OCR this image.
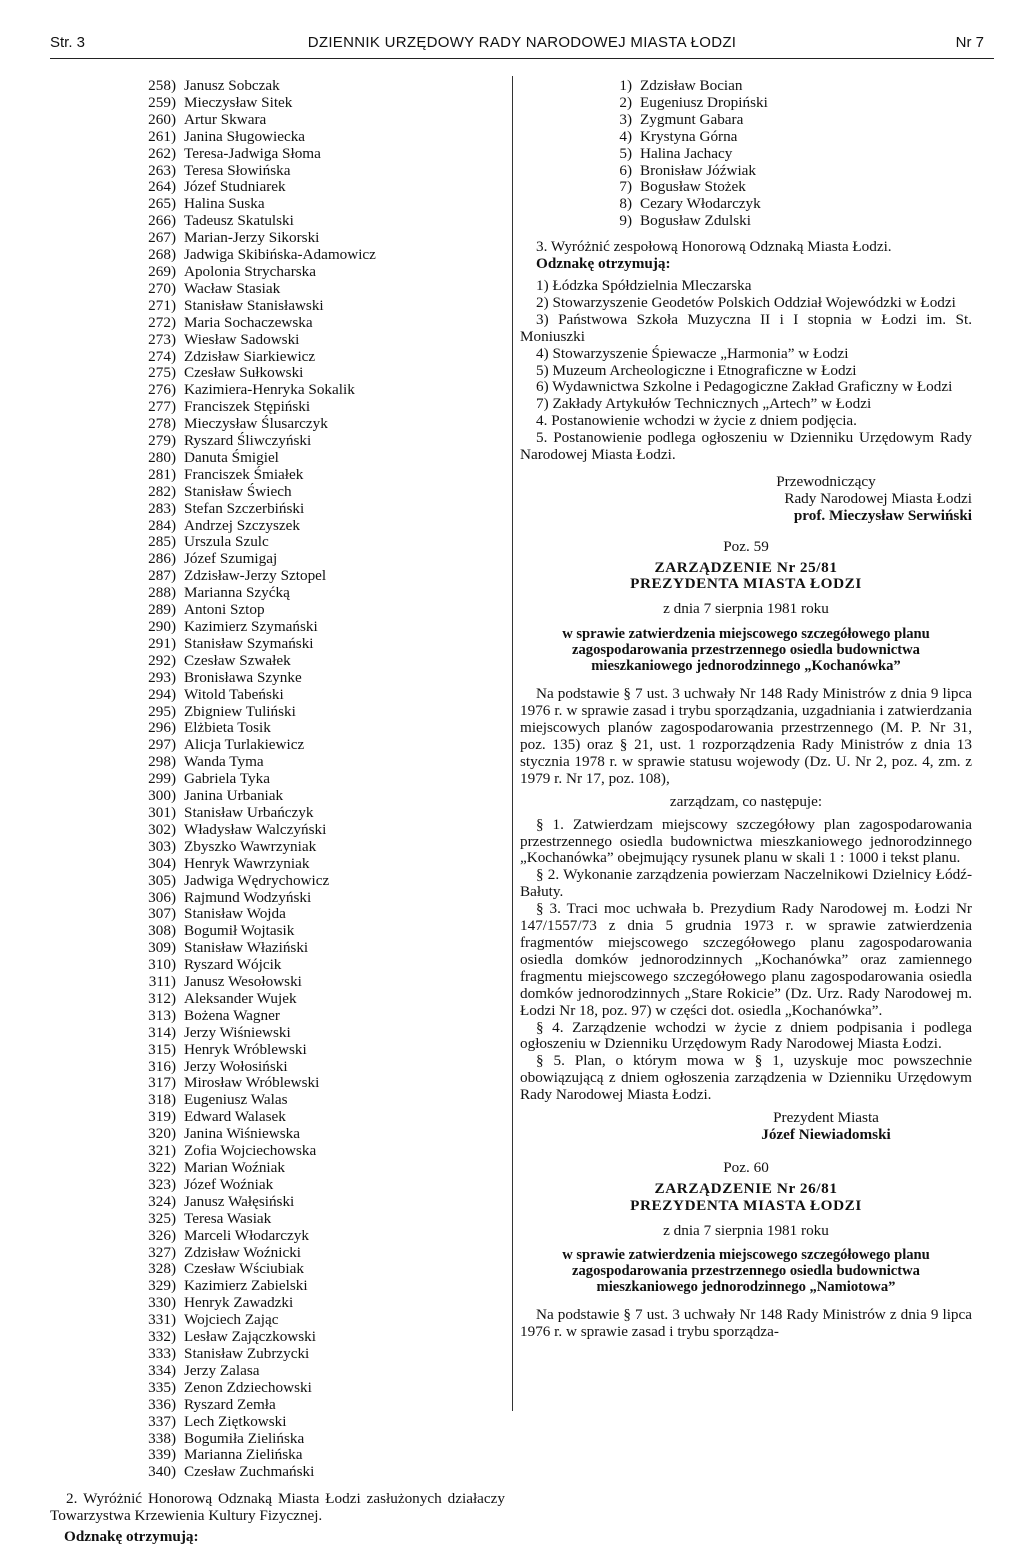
Str. 3	DZIENNIK URZĘDOWY RADY NARODOWEJ MIASTA ŁODZI	Nr 7
258) Janusz Sobczak
259) Mieczysław Sitek
260) Artur Skwara
261) Janina Sługowiecka
262) Teresa-Jadwiga Słoma
263) Teresa Słowińska
264) Józef Studniarek
265) Halina Suska
266) Tadeusz Skatulski
267) Marian-Jerzy Sikorski
268) Jadwiga Skibińska-Adamowicz
269) Apolonia Strycharska
270) Wacław Stasiak
271) Stanisław Stanisławski
272) Maria Sochaczewska
273) Wiesław Sadowski
274) Zdzisław Siarkiewicz
275) Czesław Sułkowski
276) Kazimiera-Henryka Sokalik
277) Franciszek Stępiński
278) Mieczysław Ślusarczyk
279) Ryszard Śliwczyński
280) Danuta Śmigiel
281) Franciszek Śmiałek
282) Stanisław Świech
283) Stefan Szczerbiński
284) Andrzej Szczyszek
285) Urszula Szulc
286) Józef Szumigaj
287) Zdzisław-Jerzy Sztopel
288) Marianna Szyćką
289) Antoni Sztop
290) Kazimierz Szymański
291) Stanisław Szymański
292) Czesław Szwałek
293) Bronisława Szynke
294) Witold Tabeński
295) Zbigniew Tuliński
296) Elżbieta Tosik
297) Alicja Turlakiewicz
298) Wanda Tyma
299) Gabriela Tyka
300) Janina Urbaniak
301) Stanisław Urbańczyk
302) Władysław Walczyński
303) Zbyszko Wawrzyniak
304) Henryk Wawrzyniak
305) Jadwiga Wędrychowicz
306) Rajmund Wodzyński
307) Stanisław Wojda
308) Bogumił Wojtasik
309) Stanisław Właziński
310) Ryszard Wójcik
311) Janusz Wesołowski
312) Aleksander Wujek
313) Bożena Wagner
314) Jerzy Wiśniewski
315) Henryk Wróblewski
316) Jerzy Wołosiński
317) Mirosław Wróblewski
318) Eugeniusz Walas
319) Edward Walasek
320) Janina Wiśniewska
321) Zofia Wojciechowska
322) Marian Woźniak
323) Józef Woźniak
324) Janusz Wałęsiński
325) Teresa Wasiak
326) Marceli Włodarczyk
327) Zdzisław Woźnicki
328) Czesław Wściubiak
329) Kazimierz Zabielski
330) Henryk Zawadzki
331) Wojciech Zając
332) Lesław Zajączkowski
333) Stanisław Zubrzycki
334) Jerzy Zalasa
335) Zenon Zdziechowski
336) Ryszard Zemła
337) Lech Ziętkowski
338) Bogumiła Zielińska
339) Marianna Zielińska
340) Czesław Zuchmański

2. Wyróżnić Honorową Odznaką Miasta Łodzi zasłużonych działaczy Towarzystwa Krzewienia Kultury Fizycznej.

Odznakę otrzymują:

1) Zdzisław Bocian
2) Eugeniusz Dropiński
3) Zygmunt Gabara
4) Krystyna Górna
5) Halina Jachacy
6) Bronisław Jóźwiak
7) Bogusław Stożek
8) Cezary Włodarczyk
9) Bogusław Zdulski

3. Wyróżnić zespołową Honorową Odznaką Miasta Łodzi.

Odznakę otrzymują:

1) Łódzka Spółdzielnia Mleczarska

2) Stowarzyszenie Geodetów Polskich Oddział Wojewódzki w Łodzi

3) Państwowa Szkoła Muzyczna II i I stopnia w Łodzi im. St. Moniuszki

4) Stowarzyszenie Śpiewacze „Harmonia” w Łodzi

5) Muzeum Archeologiczne i Etnograficzne w Łodzi

6) Wydawnictwa Szkolne i Pedagogiczne Zakład Graficzny w Łodzi

7) Zakłady Artykułów Technicznych „Artech” w Łodzi

4. Postanowienie wchodzi w życie z dniem podjęcia.

5. Postanowienie podlega ogłoszeniu w Dzienniku Urzędowym Rady Narodowej Miasta Łodzi.

Przewodniczący

Rady Narodowej Miasta Łodzi

prof. Mieczysław Serwiński

Poz. 59

ZARZĄDZENIE Nr 25/81

PREZYDENTA MIASTA ŁODZI

z dnia 7 sierpnia 1981 roku

w sprawie zatwierdzenia miejscowego szczegółowego planu zagospodarowania przestrzennego osiedla budownictwa mieszkaniowego jednorodzinnego „Kochanówka”

Na podstawie § 7 ust. 3 uchwały Nr 148 Rady Ministrów z dnia 9 lipca 1976 r. w sprawie zasad i trybu sporządzania, uzgadniania i zatwierdzania miejscowych planów zagospodarowania przestrzennego (M. P. Nr 31, poz. 135) oraz § 21, ust. 1 rozporządzenia Rady Ministrów z dnia 13 stycznia 1978 r. w sprawie statusu wojewody (Dz. U. Nr 2, poz. 4, zm. z 1979 r. Nr 17, poz. 108),

zarządzam, co następuje:

§ 1. Zatwierdzam miejscowy szczegółowy plan zagospodarowania przestrzennego osiedla budownictwa mieszkaniowego jednorodzinnego „Kochanówka” obejmujący rysunek planu w skali 1 : 1000 i tekst planu.

§ 2. Wykonanie zarządzenia powierzam Naczelnikowi Dzielnicy Łódź-Bałuty.

§ 3. Traci moc uchwała b. Prezydium Rady Narodowej m. Łodzi Nr 147/1557/73 z dnia 5 grudnia 1973 r. w sprawie zatwierdzenia fragmentów miejscowego szczegółowego planu zagospodarowania osiedla domków jednorodzinnych „Kochanówka” oraz zamiennego fragmentu miejscowego szczegółowego planu zagospodarowania osiedla domków jednorodzinnych „Stare Rokicie” (Dz. Urz. Rady Narodowej m. Łodzi Nr 18, poz. 97) w części dot. osiedla „Kochanówka”.

§ 4. Zarządzenie wchodzi w życie z dniem podpisania i podlega ogłoszeniu w Dzienniku Urzędowym Rady Narodowej Miasta Łodzi.

§ 5. Plan, o którym mowa w § 1, uzyskuje moc powszechnie obowiązującą z dniem ogłoszenia zarządzenia w Dzienniku Urzędowym Rady Narodowej Miasta Łodzi.

Prezydent Miasta

Józef Niewiadomski

Poz. 60

ZARZĄDZENIE Nr 26/81

PREZYDENTA MIASTA ŁODZI

z dnia 7 sierpnia 1981 roku

w sprawie zatwierdzenia miejscowego szczegółowego planu zagospodarowania przestrzennego osiedla budownictwa mieszkaniowego jednorodzinnego „Namiotowa”

Na podstawie § 7 ust. 3 uchwały Nr 148 Rady Ministrów z dnia 9 lipca 1976 r. w sprawie zasad i trybu sporządza-
